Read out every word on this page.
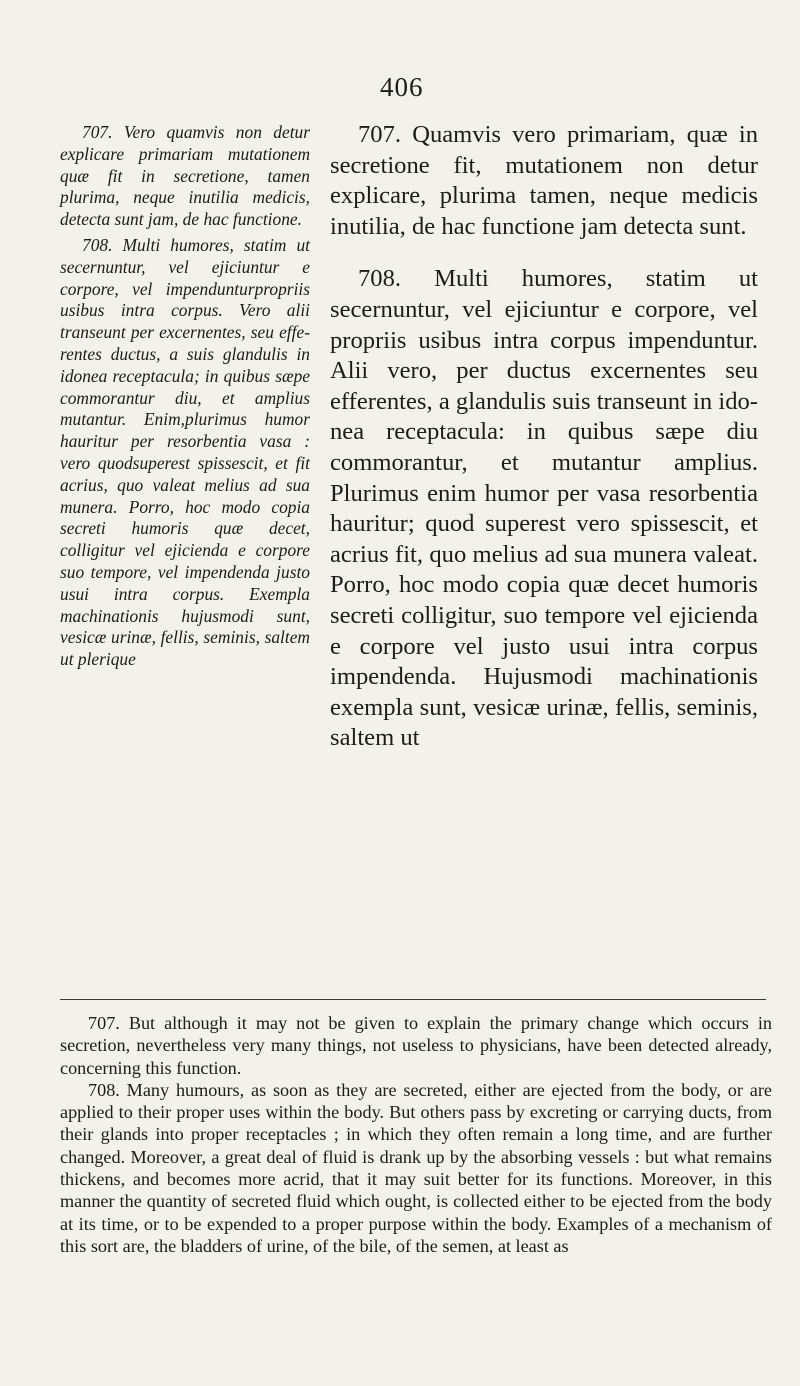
406

707. Vero quamvis non detur explicare primariam mutationem quæ fit in secretione, tamen plurima, neque inutilia medicis, detecta sunt jam, de hac functione.

708. Multi humores, statim ut secernuntur, vel ejiciuntur e corpore, vel impendunturpropriis usibus intra corpus. Vero alii transeunt per excernentes, seu efferentes ductus, a suis glandulis in idonea receptacula; in quibus sæpe commorantur diu, et amplius mutantur. Enim,plurimus humor hauritur per resorbentia vasa : vero quodsuperest spissescit, et fit acrius, quo valeat melius ad sua munera. Porro, hoc modo copia secreti humoris quæ decet, colligitur vel ejicienda e corpore suo tempore, vel impendenda justo usui intra corpus. Exempla machinationis hujusmodi sunt, vesicæ urinæ, fellis, seminis, saltem ut plerique

707. Quamvis vero primariam, quæ in secretione fit, mutationem non detur explicare, plurima tamen, neque medicis inutilia, de hac functione jam detecta sunt.

708. Multi humores, statim ut secernuntur, vel ejiciuntur e corpore, vel propriis usibus intra corpus impenduntur. Alii vero, per ductus excernentes seu efferentes, a glandulis suis transeunt in idonea receptacula: in quibus sæpe diu commorantur, et mutantur amplius. Plurimus enim humor per vasa resorbentia hauritur; quod superest vero spissescit, et acrius fit, quo melius ad sua munera valeat. Porro, hoc modo copia quæ decet humoris secreti colligitur, suo tempore vel ejicienda e corpore vel justo usui intra corpus impendenda. Hujusmodi machinationis exempla sunt, vesicæ urinæ, fellis, seminis, saltem ut

707. But although it may not be given to explain the primary change which occurs in secretion, nevertheless very many things, not useless to physicians, have been detected already, concerning this function.

708. Many humours, as soon as they are secreted, either are ejected from the body, or are applied to their proper uses within the body. But others pass by excreting or carrying ducts, from their glands into proper receptacles ; in which they often remain a long time, and are further changed. Moreover, a great deal of fluid is drank up by the absorbing vessels : but what remains thickens, and becomes more acrid, that it may suit better for its functions. Moreover, in this manner the quantity of secreted fluid which ought, is collected either to be ejected from the body at its time, or to be expended to a proper purpose within the body. Examples of a mechanism of this sort are, the bladders of urine, of the bile, of the semen, at least as
